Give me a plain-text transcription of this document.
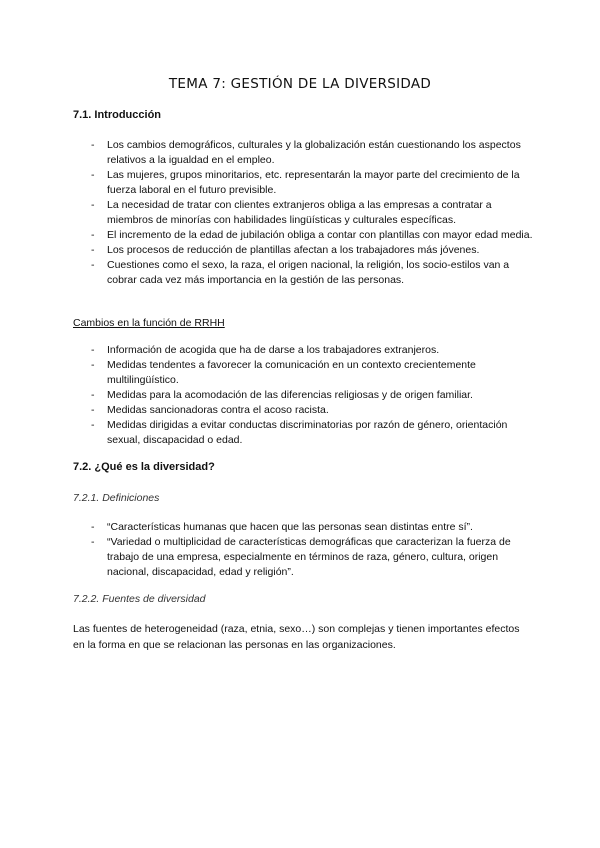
TEMA 7: GESTIÓN DE LA DIVERSIDAD
7.1. Introducción
- Los cambios demográficos, culturales y la globalización están cuestionando los aspectos relativos a la igualdad en el empleo.
- Las mujeres, grupos minoritarios, etc. representarán la mayor parte del crecimiento de la fuerza laboral en el futuro previsible.
- La necesidad de tratar con clientes extranjeros obliga a las empresas a contratar a miembros de minorías con habilidades lingüísticas y culturales específicas.
- El incremento de la edad de jubilación obliga a contar con plantillas con mayor edad media.
- Los procesos de reducción de plantillas afectan a los trabajadores más jóvenes.
- Cuestiones como el sexo, la raza, el origen nacional, la religión, los socio-estilos van a cobrar cada vez más importancia en la gestión de las personas.

Cambios en la función de RRHH

- Información de acogida que ha de darse a los trabajadores extranjeros.
- Medidas tendentes a favorecer la comunicación en un contexto crecientemente multilingüístico.
- Medidas para la acomodación de las diferencias religiosas y de origen familiar.
- Medidas sancionadoras contra el acoso racista.
- Medidas dirigidas a evitar conductas discriminatorias por razón de género, orientación sexual, discapacidad o edad.
7.2. ¿Qué es la diversidad?

7.2.1. Definiciones

- “Características humanas que hacen que las personas sean distintas entre sí”.
- “Variedad o multiplicidad de características demográficas que caracterizan la fuerza de trabajo de una empresa, especialmente en términos de raza, género, cultura, origen nacional, discapacidad, edad y religión”.

7.2.2. Fuentes de diversidad

Las fuentes de heterogeneidad (raza, etnia, sexo…) son complejas y tienen importantes efectos en la forma en que se relacionan las personas en las organizaciones.
